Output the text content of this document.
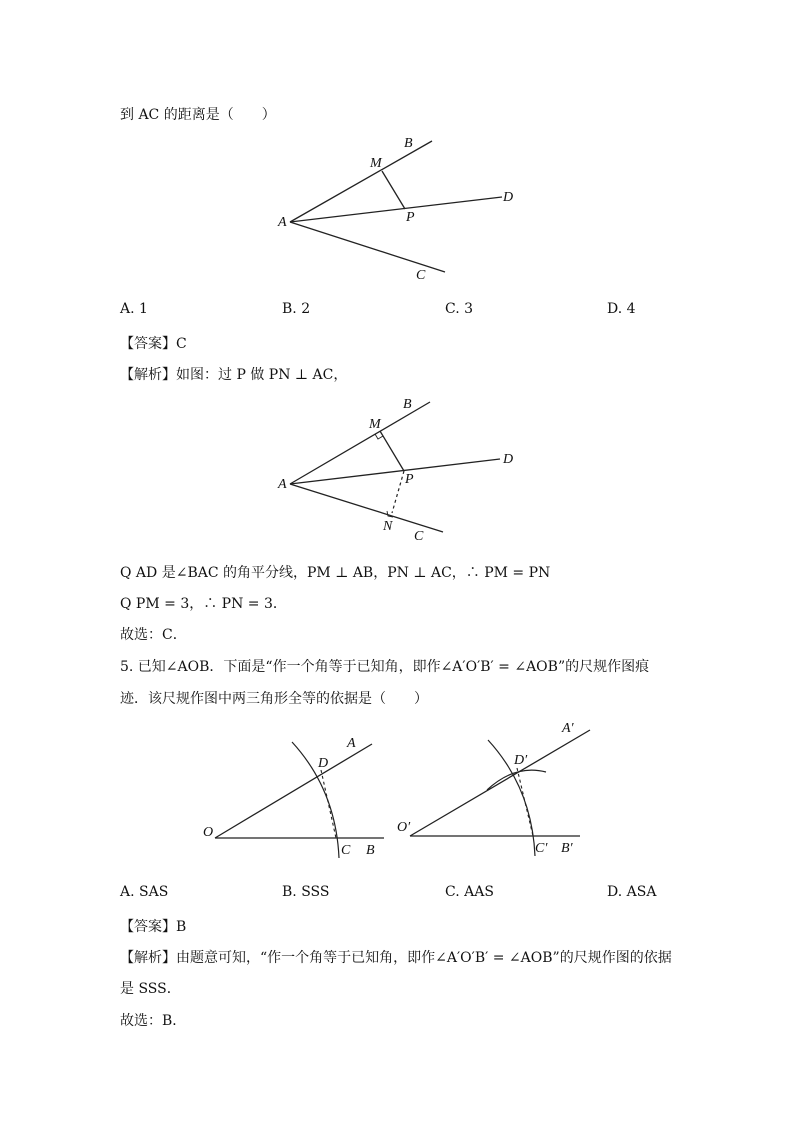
到 AC 的距离是（　　）
A
B
M
D
P
C
A. 1	B. 2	C. 3	D. 4
【答案】C
【解析】如图：过 P 做 PN ⊥ AC，
A
B
M
D
P
N
C
Q AD 是∠BAC 的角平分线，PM ⊥ AB，PN ⊥ AC，∴ PM = PN
Q PM = 3，∴ PN = 3．
故选：C．
5. 已知∠AOB．下面是“作一个角等于已知角，即作∠A′O′B′ = ∠AOB”的尺规作图痕
迹．该尺规作图中两三角形全等的依据是（　　）
A
D
O
C B
A′
D′
O′
C′ B′
A. SAS	B. SSS	C. AAS	D. ASA
【答案】B
【解析】由题意可知，“作一个角等于已知角，即作∠A′O′B′ = ∠AOB”的尺规作图的依据
是 SSS．
故选：B．
